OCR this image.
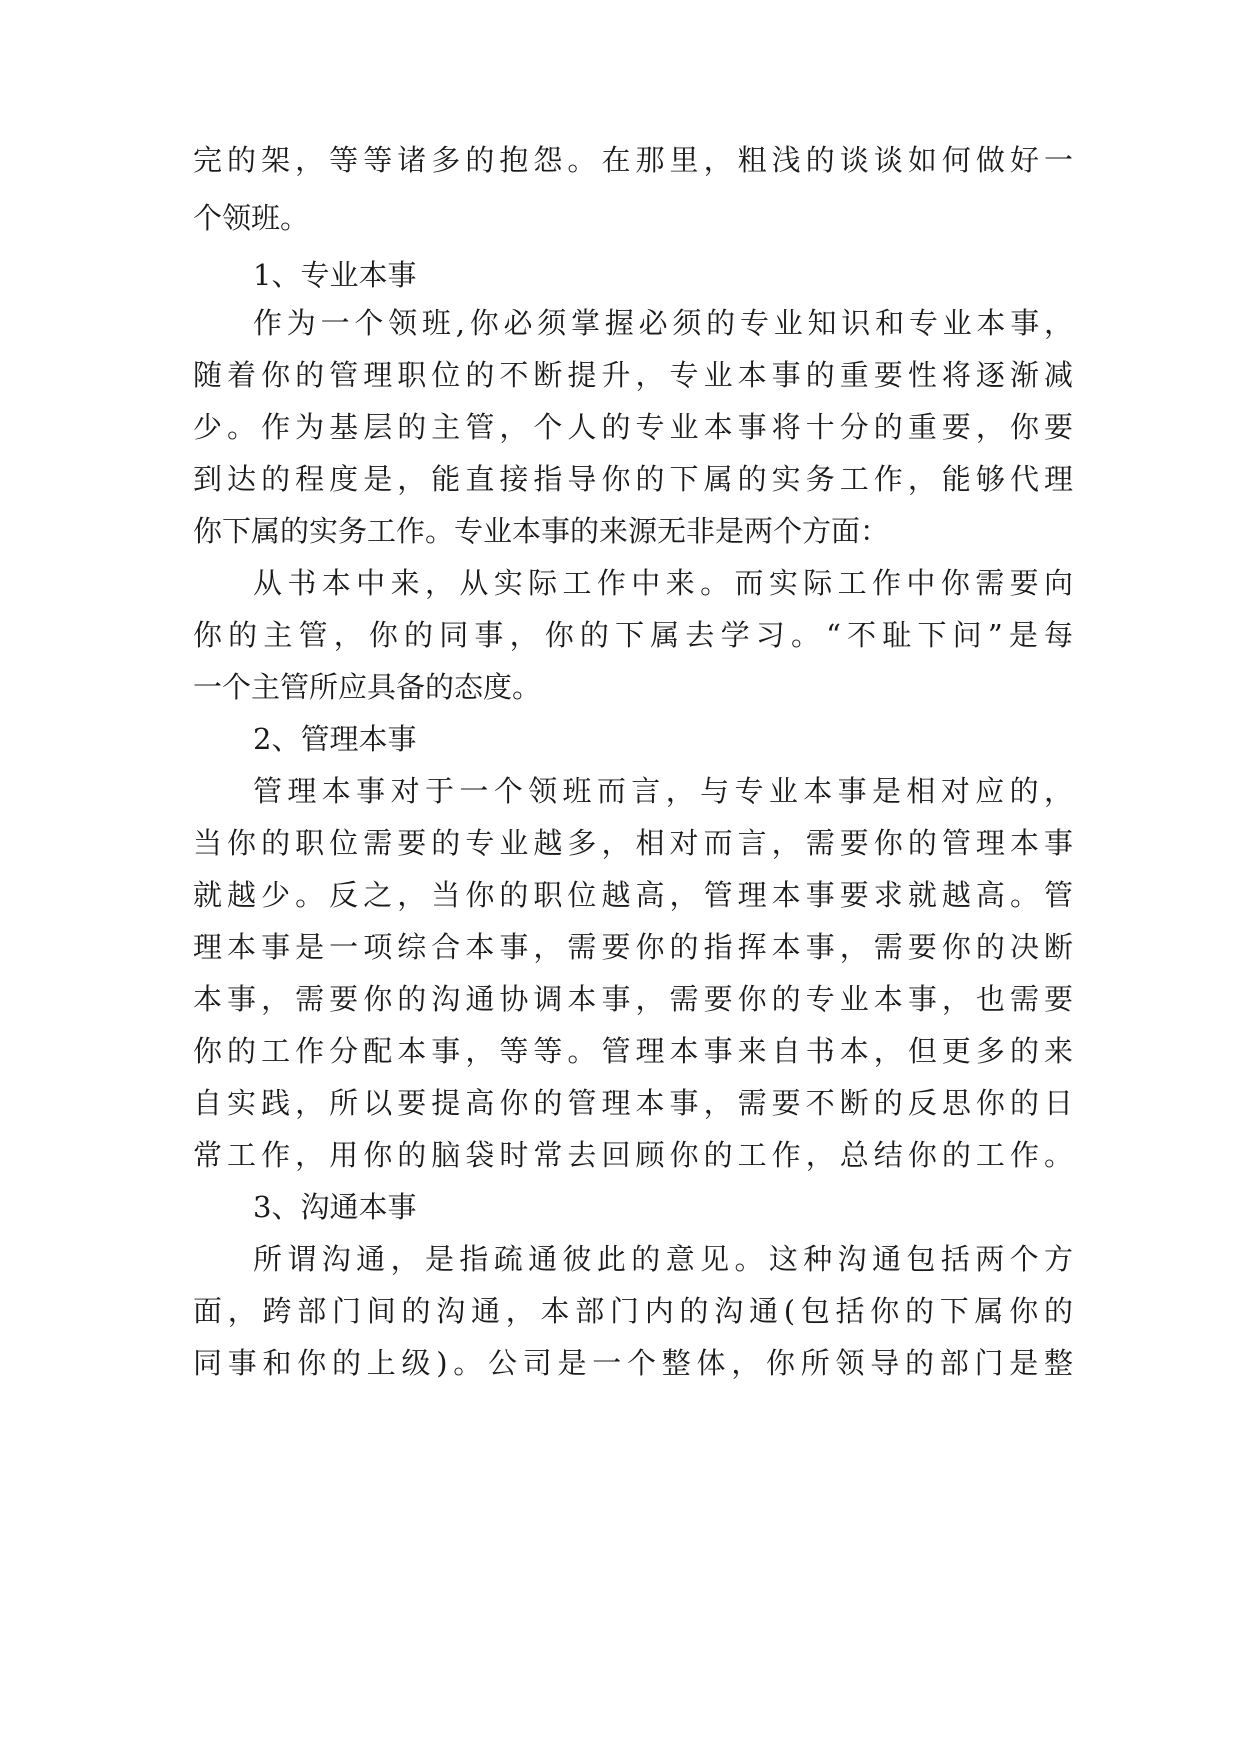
完的架，等等诸多的抱怨。在那里，粗浅的谈谈如何做好一
个领班。
1、专业本事
作为一个领班,你必须掌握必须的专业知识和专业本事，
随着你的管理职位的不断提升，专业本事的重要性将逐渐减
少。作为基层的主管，个人的专业本事将十分的重要，你要
到达的程度是，能直接指导你的下属的实务工作，能够代理
你下属的实务工作。专业本事的来源无非是两个方面：
从书本中来，从实际工作中来。而实际工作中你需要向
你的主管，你的同事，你的下属去学习。“不耻下问”是每
一个主管所应具备的态度。
2、管理本事
管理本事对于一个领班而言，与专业本事是相对应的，
当你的职位需要的专业越多，相对而言，需要你的管理本事
就越少。反之，当你的职位越高，管理本事要求就越高。管
理本事是一项综合本事，需要你的指挥本事，需要你的决断
本事，需要你的沟通协调本事，需要你的专业本事，也需要
你的工作分配本事，等等。管理本事来自书本，但更多的来
自实践，所以要提高你的管理本事，需要不断的反思你的日
常工作，用你的脑袋时常去回顾你的工作，总结你的工作。
3、沟通本事
所谓沟通，是指疏通彼此的意见。这种沟通包括两个方
面，跨部门间的沟通，本部门内的沟通(包括你的下属你的
同事和你的上级)。公司是一个整体，你所领导的部门是整
